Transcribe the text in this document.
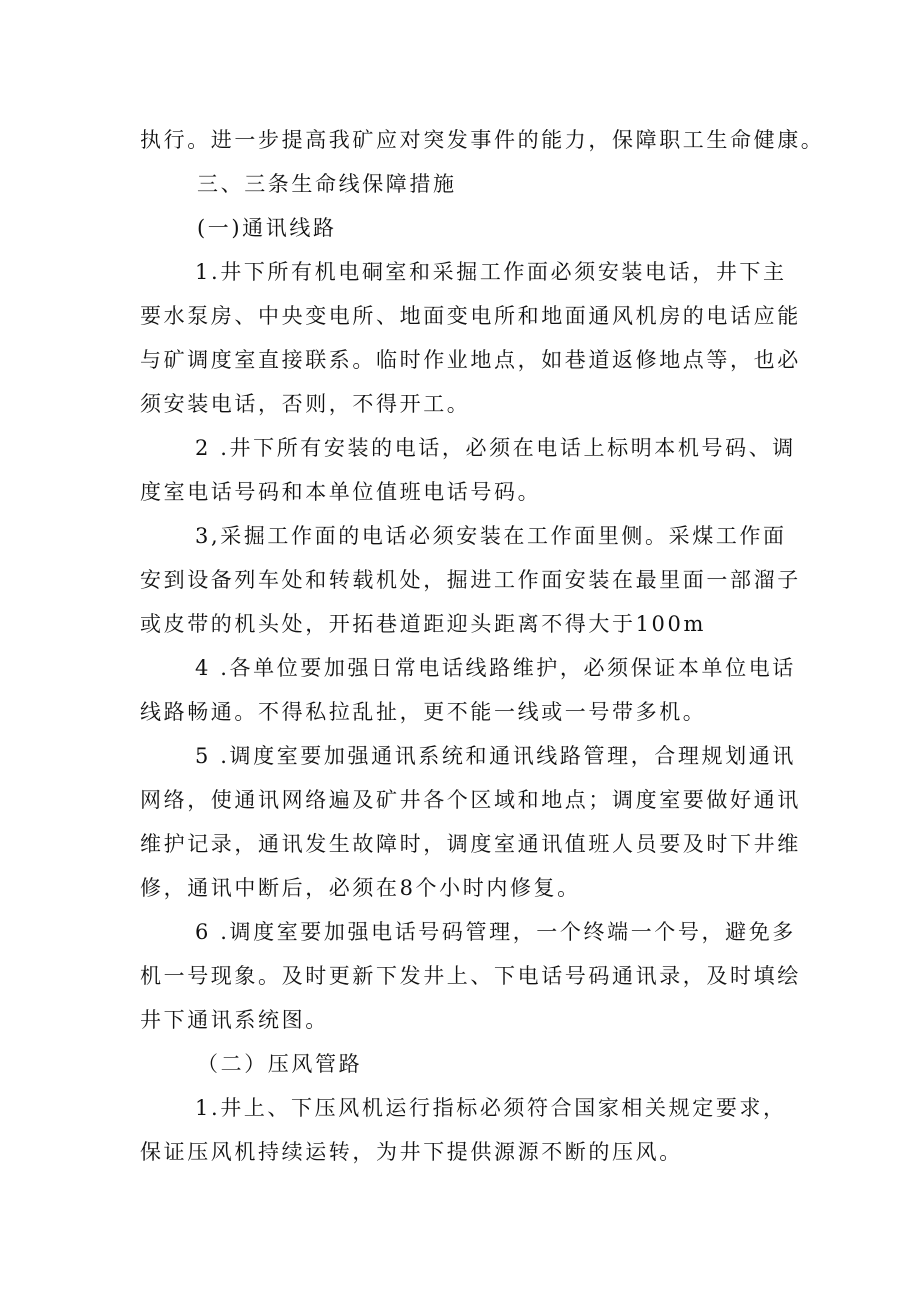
执行。进一步提高我矿应对突发事件的能力，保障职工生命健康。
三、三条生命线保障措施
(一)通讯线路
1.井下所有机电硐室和采掘工作面必须安装电话，井下主
要水泵房、中央变电所、地面变电所和地面通风机房的电话应能
与矿调度室直接联系。临时作业地点，如巷道返修地点等，也必
须安装电话，否则，不得开工。
2 .井下所有安装的电话，必须在电话上标明本机号码、调
度室电话号码和本单位值班电话号码。
3,采掘工作面的电话必须安装在工作面里侧。采煤工作面
安到设备列车处和转载机处，掘进工作面安装在最里面一部溜子
或皮带的机头处，开拓巷道距迎头距离不得大于100m
4 .各单位要加强日常电话线路维护，必须保证本单位电话
线路畅通。不得私拉乱扯，更不能一线或一号带多机。
5 .调度室要加强通讯系统和通讯线路管理，合理规划通讯
网络，使通讯网络遍及矿井各个区域和地点；调度室要做好通讯
维护记录，通讯发生故障时，调度室通讯值班人员要及时下井维
修，通讯中断后，必须在8个小时内修复。
6 .调度室要加强电话号码管理，一个终端一个号，避免多
机一号现象。及时更新下发井上、下电话号码通讯录，及时填绘
井下通讯系统图。
（二）压风管路
1.井上、下压风机运行指标必须符合国家相关规定要求，
保证压风机持续运转，为井下提供源源不断的压风。
